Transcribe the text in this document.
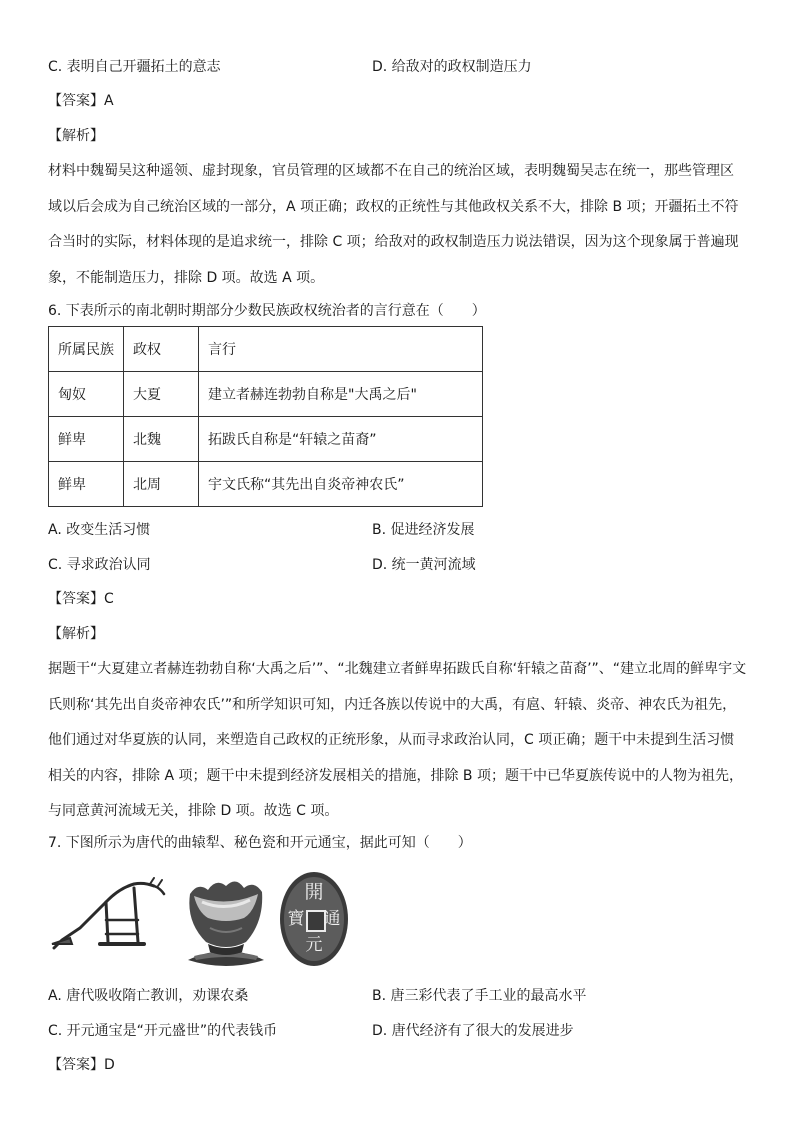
C. 表明自己开疆拓土的意志	D. 给敌对的政权制造压力
【答案】A
【解析】

材料中魏蜀吴这种遥领、虚封现象，官员管理的区域都不在自己的统治区域，表明魏蜀吴志在统一，那些管理区

域以后会成为自己统治区域的一部分，A 项正确；政权的正统性与其他政权关系不大，排除 B 项；开疆拓土不符

合当时的实际，材料体现的是追求统一，排除 C 项；给敌对的政权制造压力说法错误，因为这个现象属于普遍现

象，不能制造压力，排除 D 项。故选 A 项。

6. 下表所示的南北朝时期部分少数民族政权统治者的言行意在（　　）
所属民族	政权	言行
匈奴	大夏	建立者赫连勃勃自称是"大禹之后"
鲜卑	北魏	拓跋氏自称是“轩辕之苗裔”
鲜卑	北周	宇文氏称“其先出自炎帝神农氏”
A. 改变生活习惯	B. 促进经济发展
C. 寻求政治认同	D. 统一黄河流域
【答案】C
【解析】

据题干“大夏建立者赫连勃勃自称‘大禹之后’”、“北魏建立者鲜卑拓跋氏自称‘轩辕之苗裔’”、“建立北周的鲜卑宇文

氏则称‘其先出自炎帝神农氏’”和所学知识可知，内迁各族以传说中的大禹，有扈、轩辕、炎帝、神农氏为祖先，

他们通过对华夏族的认同，来塑造自己政权的正统形象，从而寻求政治认同，C 项正确；题干中未提到生活习惯

相关的内容，排除 A 项；题干中未提到经济发展相关的措施，排除 B 项；题干中已华夏族传说中的人物为祖先，

与同意黄河流域无关，排除 D 项。故选 C 项。

7. 下图所示为唐代的曲辕犁、秘色瓷和开元通宝，据此可知（　　）
開
通
元
寶
A. 唐代吸收隋亡教训，劝课农桑	B. 唐三彩代表了手工业的最高水平
C. 开元通宝是“开元盛世”的代表钱币	D. 唐代经济有了很大的发展进步
【答案】D
